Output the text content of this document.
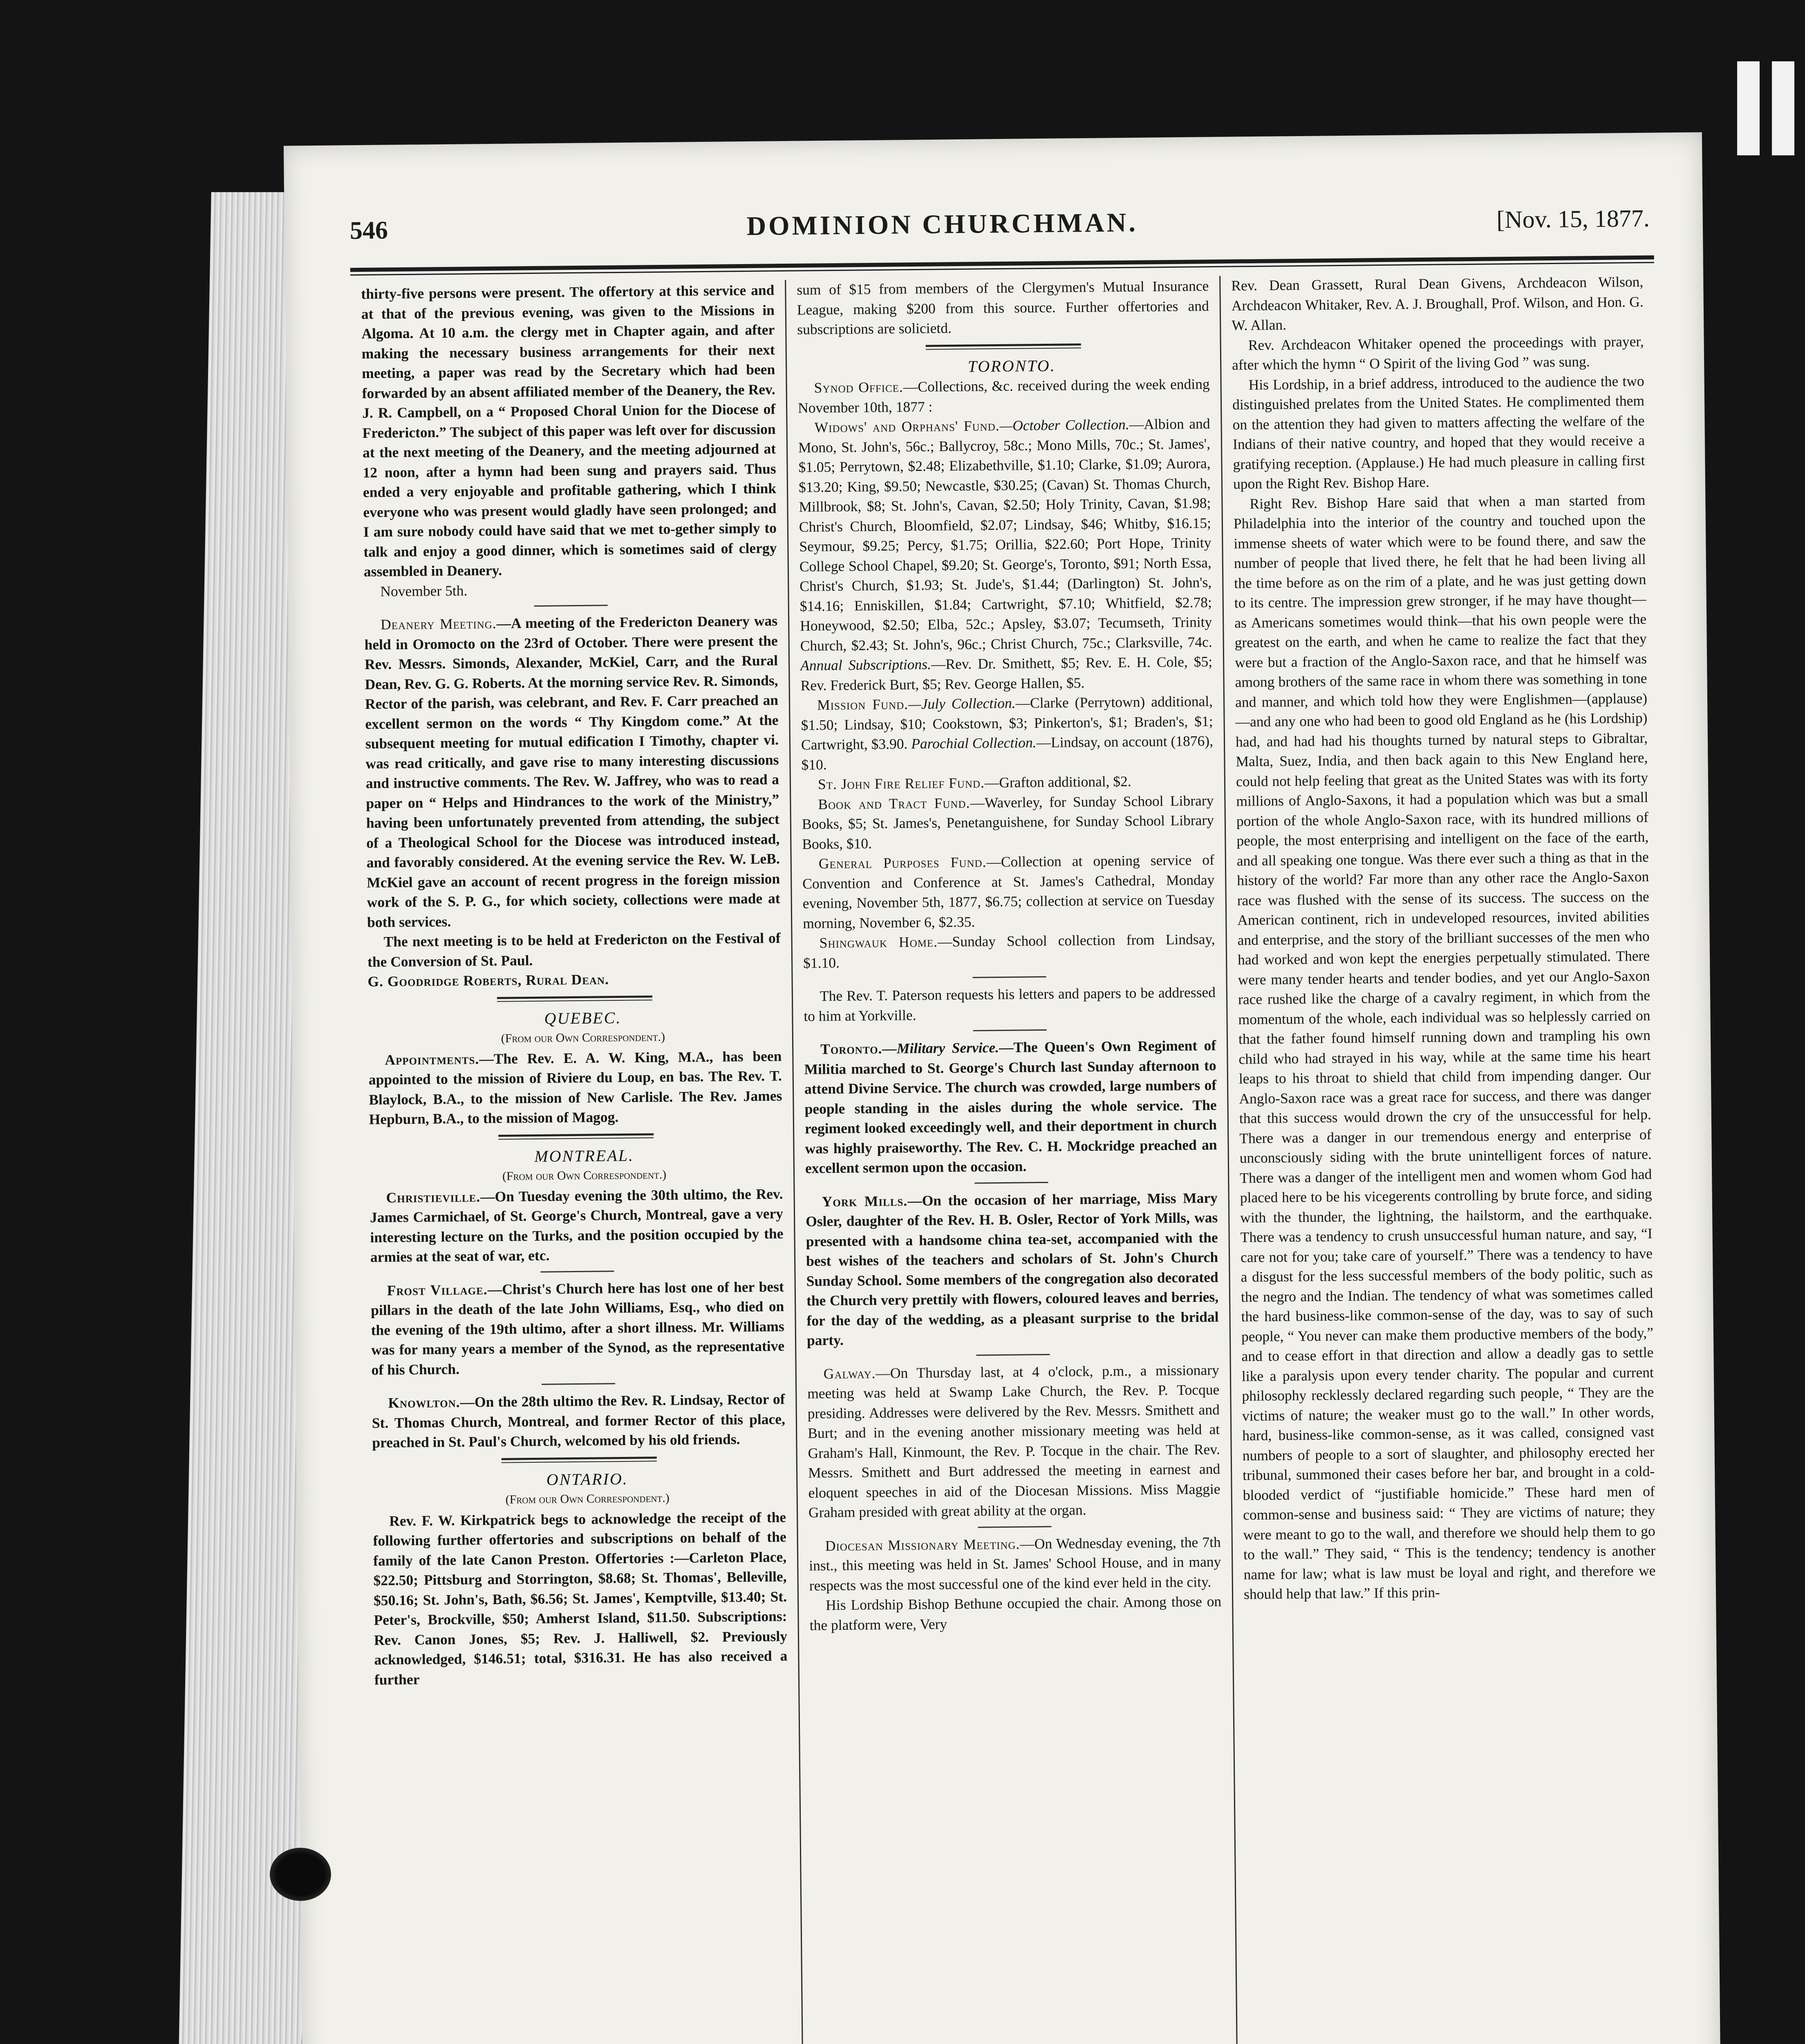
546	DOMINION CHURCHMAN.	[Nov. 15, 1877.

thirty-five persons were present. The offertory at this service and at that of the previous evening, was given to the Missions in Algoma. At 10 a.m. the clergy met in Chapter again, and after making the necessary business arrangements for their next meeting, a paper was read by the Secretary which had been forwarded by an absent affiliated member of the Deanery, the Rev. J. R. Campbell, on a “ Proposed Choral Union for the Diocese of Fredericton.” The subject of this paper was left over for discussion at the next meeting of the Deanery, and the meeting adjourned at 12 noon, after a hymn had been sung and prayers said. Thus ended a very enjoyable and profitable gathering, which I think everyone who was present would gladly have seen prolonged; and I am sure nobody could have said that we met to-gether simply to talk and enjoy a good dinner, which is sometimes said of clergy assembled in Deanery.

November 5th.

Deanery Meeting.—A meeting of the Fredericton Deanery was held in Oromocto on the 23rd of October. There were present the Rev. Messrs. Simonds, Alexander, McKiel, Carr, and the Rural Dean, Rev. G. G. Roberts. At the morning service Rev. R. Simonds, Rector of the parish, was celebrant, and Rev. F. Carr preached an excellent sermon on the words “ Thy Kingdom come.” At the subsequent meeting for mutual edification I Timothy, chapter vi. was read critically, and gave rise to many interesting discussions and instructive comments. The Rev. W. Jaffrey, who was to read a paper on “ Helps and Hindrances to the work of the Ministry,” having been unfortunately prevented from attending, the subject of a Theological School for the Diocese was introduced instead, and favorably considered. At the evening service the Rev. W. LeB. McKiel gave an account of recent progress in the foreign mission work of the S. P. G., for which society, collections were made at both services.

The next meeting is to be held at Fredericton on the Festival of the Conversion of St. Paul.

G. Goodridge Roberts, Rural Dean.

QUEBEC.

(From our Own Correspondent.)

Appointments.—The Rev. E. A. W. King, M.A., has been appointed to the mission of Riviere du Loup, en bas. The Rev. T. Blaylock, B.A., to the mission of New Carlisle. The Rev. James Hepburn, B.A., to the mission of Magog.

MONTREAL.

(From our Own Correspondent.)

Christieville.—On Tuesday evening the 30th ultimo, the Rev. James Carmichael, of St. George's Church, Montreal, gave a very interesting lecture on the Turks, and the position occupied by the armies at the seat of war, etc.

Frost Village.—Christ's Church here has lost one of her best pillars in the death of the late John Williams, Esq., who died on the evening of the 19th ultimo, after a short illness. Mr. Williams was for many years a member of the Synod, as the representative of his Church.

Knowlton.—On the 28th ultimo the Rev. R. Lindsay, Rector of St. Thomas Church, Montreal, and former Rector of this place, preached in St. Paul's Church, welcomed by his old friends.

ONTARIO.

(From our Own Correspondent.)

Rev. F. W. Kirkpatrick begs to acknowledge the receipt of the following further offertories and subscriptions on behalf of the family of the late Canon Preston. Offertories :—Carleton Place, $22.50; Pittsburg and Storrington, $8.68; St. Thomas', Belleville, $50.16; St. John's, Bath, $6.56; St. James', Kemptville, $13.40; St. Peter's, Brockville, $50; Amherst Island, $11.50. Subscriptions: Rev. Canon Jones, $5; Rev. J. Halliwell, $2. Previously acknowledged, $146.51; total, $316.31. He has also received a further

sum of $15 from members of the Clergymen's Mutual Insurance League, making $200 from this source. Further offertories and subscriptions are solicietd.

TORONTO.

Synod Office.—Collections, &c. received during the week ending November 10th, 1877 :

Widows' and Orphans' Fund.—October Collection.—Albion and Mono, St. John's, 56c.; Ballycroy, 58c.; Mono Mills, 70c.; St. James', $1.05; Perrytown, $2.48; Elizabethville, $1.10; Clarke, $1.09; Aurora, $13.20; King, $9.50; Newcastle, $30.25; (Cavan) St. Thomas Church, Millbrook, $8; St. John's, Cavan, $2.50; Holy Trinity, Cavan, $1.98; Christ's Church, Bloomfield, $2.07; Lindsay, $46; Whitby, $16.15; Seymour, $9.25; Percy, $1.75; Orillia, $22.60; Port Hope, Trinity College School Chapel, $9.20; St. George's, Toronto, $91; North Essa, Christ's Church, $1.93; St. Jude's, $1.44; (Darlington) St. John's, $14.16; Enniskillen, $1.84; Cartwright, $7.10; Whitfield, $2.78; Honeywood, $2.50; Elba, 52c.; Apsley, $3.07; Tecumseth, Trinity Church, $2.43; St. John's, 96c.; Christ Church, 75c.; Clarksville, 74c. Annual Subscriptions.—Rev. Dr. Smithett, $5; Rev. E. H. Cole, $5; Rev. Frederick Burt, $5; Rev. George Hallen, $5.

Mission Fund.—July Collection.—Clarke (Perrytown) additional, $1.50; Lindsay, $10; Cookstown, $3; Pinkerton's, $1; Braden's, $1; Cartwright, $3.90. Parochial Collection.—Lindsay, on account (1876), $10.

St. John Fire Relief Fund.—Grafton additional, $2.

Book and Tract Fund.—Waverley, for Sunday School Library Books, $5; St. James's, Penetanguishene, for Sunday School Library Books, $10.

General Purposes Fund.—Collection at opening service of Convention and Conference at St. James's Cathedral, Monday evening, November 5th, 1877, $6.75; collection at service on Tuesday morning, November 6, $2.35.

Shingwauk Home.—Sunday School collection from Lindsay, $1.10.

The Rev. T. Paterson requests his letters and papers to be addressed to him at Yorkville.

Toronto.—Military Service.—The Queen's Own Regiment of Militia marched to St. George's Church last Sunday afternoon to attend Divine Service. The church was crowded, large numbers of people standing in the aisles during the whole service. The regiment looked exceedingly well, and their deportment in church was highly praiseworthy. The Rev. C. H. Mockridge preached an excellent sermon upon the occasion.

York Mills.—On the occasion of her marriage, Miss Mary Osler, daughter of the Rev. H. B. Osler, Rector of York Mills, was presented with a handsome china tea-set, accompanied with the best wishes of the teachers and scholars of St. John's Church Sunday School. Some members of the congregation also decorated the Church very prettily with flowers, coloured leaves and berries, for the day of the wedding, as a pleasant surprise to the bridal party.

Galway.—On Thursday last, at 4 o'clock, p.m., a missionary meeting was held at Swamp Lake Church, the Rev. P. Tocque presiding. Addresses were delivered by the Rev. Messrs. Smithett and Burt; and in the evening another missionary meeting was held at Graham's Hall, Kinmount, the Rev. P. Tocque in the chair. The Rev. Messrs. Smithett and Burt addressed the meeting in earnest and eloquent speeches in aid of the Diocesan Missions. Miss Maggie Graham presided with great ability at the organ.

Diocesan Missionary Meeting.—On Wednesday evening, the 7th inst., this meeting was held in St. James' School House, and in many respects was the most successful one of the kind ever held in the city.

His Lordship Bishop Bethune occupied the chair. Among those on the platform were, Very

Rev. Dean Grassett, Rural Dean Givens, Archdeacon Wilson, Archdeacon Whitaker, Rev. A. J. Broughall, Prof. Wilson, and Hon. G. W. Allan.

Rev. Archdeacon Whitaker opened the proceedings with prayer, after which the hymn “ O Spirit of the living God ” was sung.

His Lordship, in a brief address, introduced to the audience the two distinguished prelates from the United States. He complimented them on the attention they had given to matters affecting the welfare of the Indians of their native country, and hoped that they would receive a gratifying reception. (Applause.) He had much pleasure in calling first upon the Right Rev. Bishop Hare.

Right Rev. Bishop Hare said that when a man started from Philadelphia into the interior of the country and touched upon the immense sheets of water which were to be found there, and saw the number of people that lived there, he felt that he had been living all the time before as on the rim of a plate, and he was just getting down to its centre. The impression grew stronger, if he may have thought—as Americans sometimes would think—that his own people were the greatest on the earth, and when he came to realize the fact that they were but a fraction of the Anglo-Saxon race, and that he himself was among brothers of the same race in whom there was something in tone and manner, and which told how they were Englishmen—(applause)—and any one who had been to good old England as he (his Lordship) had, and had had his thoughts turned by natural steps to Gibraltar, Malta, Suez, India, and then back again to this New England here, could not help feeling that great as the United States was with its forty millions of Anglo-Saxons, it had a population which was but a small portion of the whole Anglo-Saxon race, with its hundred millions of people, the most enterprising and intelligent on the face of the earth, and all speaking one tongue. Was there ever such a thing as that in the history of the world? Far more than any other race the Anglo-Saxon race was flushed with the sense of its success. The success on the American continent, rich in undeveloped resources, invited abilities and enterprise, and the story of the brilliant successes of the men who had worked and won kept the energies perpetually stimulated. There were many tender hearts and tender bodies, and yet our Anglo-Saxon race rushed like the charge of a cavalry regiment, in which from the momentum of the whole, each individual was so helplessly carried on that the father found himself running down and trampling his own child who had strayed in his way, while at the same time his heart leaps to his throat to shield that child from impending danger. Our Anglo-Saxon race was a great race for success, and there was danger that this success would drown the cry of the unsuccessful for help. There was a danger in our tremendous energy and enterprise of unconsciously siding with the brute unintelligent forces of nature. There was a danger of the intelligent men and women whom God had placed here to be his vicegerents controlling by brute force, and siding with the thunder, the lightning, the hailstorm, and the earthquake. There was a tendency to crush unsuccessful human nature, and say, “I care not for you; take care of yourself.” There was a tendency to have a disgust for the less successful members of the body politic, such as the negro and the Indian. The tendency of what was sometimes called the hard business-like common-sense of the day, was to say of such people, “ You never can make them productive members of the body,” and to cease effort in that direction and allow a deadly gas to settle like a paralysis upon every tender charity. The popular and current philosophy recklessly declared regarding such people, “ They are the victims of nature; the weaker must go to the wall.” In other words, hard, business-like common-sense, as it was called, consigned vast numbers of people to a sort of slaughter, and philosophy erected her tribunal, summoned their cases before her bar, and brought in a cold-blooded verdict of “justifiable homicide.” These hard men of common-sense and business said: “ They are victims of nature; they were meant to go to the wall, and therefore we should help them to go to the wall.” They said, “ This is the tendency; tendency is another name for law; what is law must be loyal and right, and therefore we should help that law.” If this prin-
